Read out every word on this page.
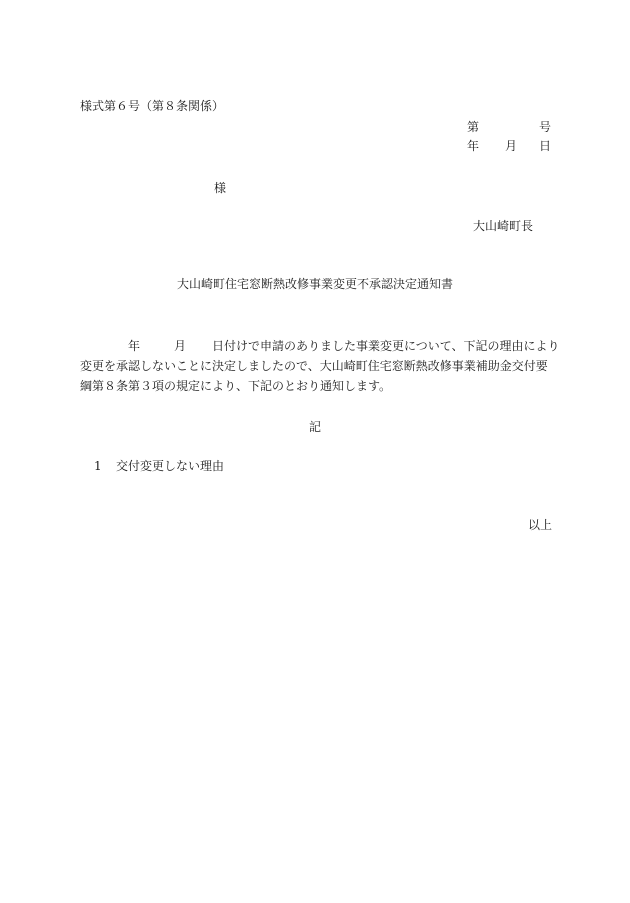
様式第６号（第８条関係）
第	号
年 月 日
様
大山崎町長
大山崎町住宅窓断熱改修事業変更不承認決定通知書
年	月 日付けで申請のありました事業変更について、下記の理由により
変更を承認しないことに決定しましたので、大山崎町住宅窓断熱改修事業補助金交付要
綱第８条第３項の規定により、下記のとおり通知します。
記
1 交付変更しない理由
以上
